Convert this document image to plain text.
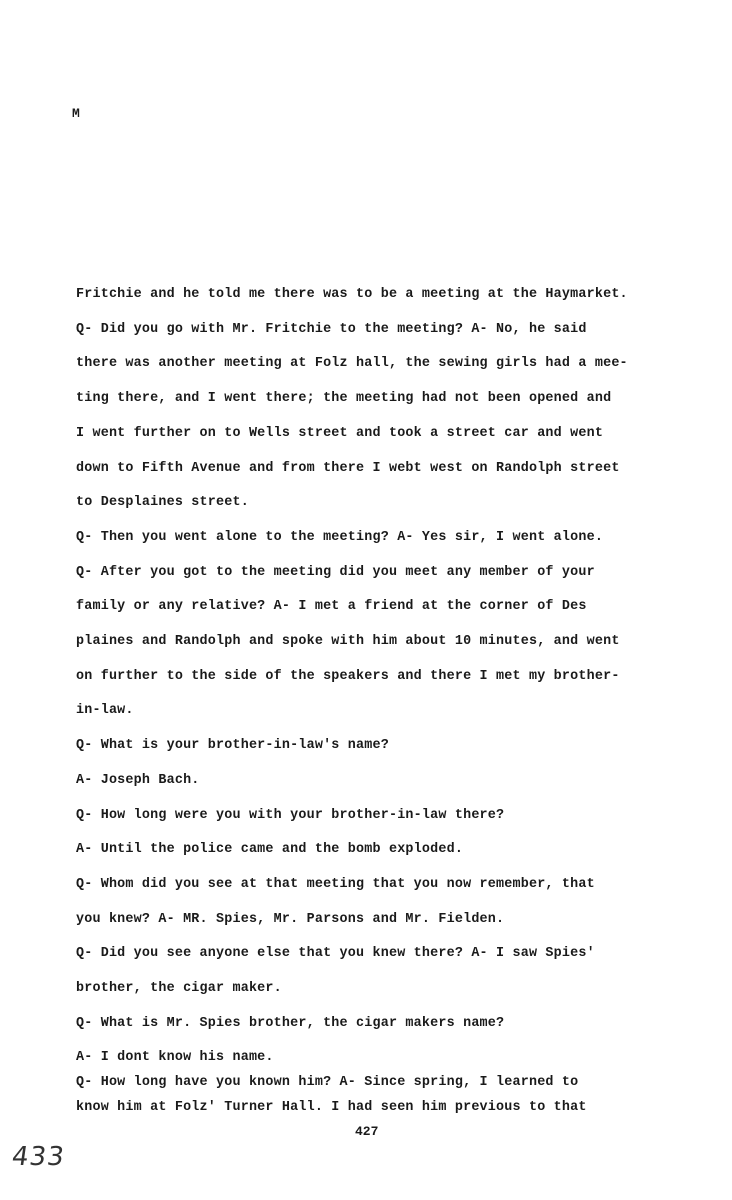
M
Fritchie and he told me there was to be a meeting at the Haymarket.
Q- Did you go with Mr. Fritchie to the meeting? A- No, he said
there was another meeting at Folz hall, the sewing girls had a mee-
ting there, and I went there; the meeting had not been opened and
I went further on to Wells street and took a street car and went
down to Fifth Avenue and from there I webt west on Randolph street
to Desplaines street.
Q- Then you went alone to the meeting? A- Yes sir, I went alone.
Q- After you got to the meeting did you meet any member of your
family or any relative? A- I met a friend at the corner of Des
plaines and Randolph and spoke with him about 10 minutes, and went
on further to the side of the speakers and there I met my brother-
in-law.
Q- What is your brother-in-law's name?
A- Joseph Bach.
Q- How long were you with your brother-in-law there?
A- Until the police came and the bomb exploded.
Q- Whom did you see at that meeting that you now remember, that
you knew? A- MR. Spies, Mr. Parsons and Mr. Fielden.
Q- Did you see anyone else that you knew there? A- I saw Spies'
brother, the cigar maker.
Q- What is Mr. Spies brother, the cigar makers name?
A- I dont know his name.
Q- How long have you known him? A- Since spring, I learned to
know him at Folz' Turner Hall. I had seen him previous to that
427
433
